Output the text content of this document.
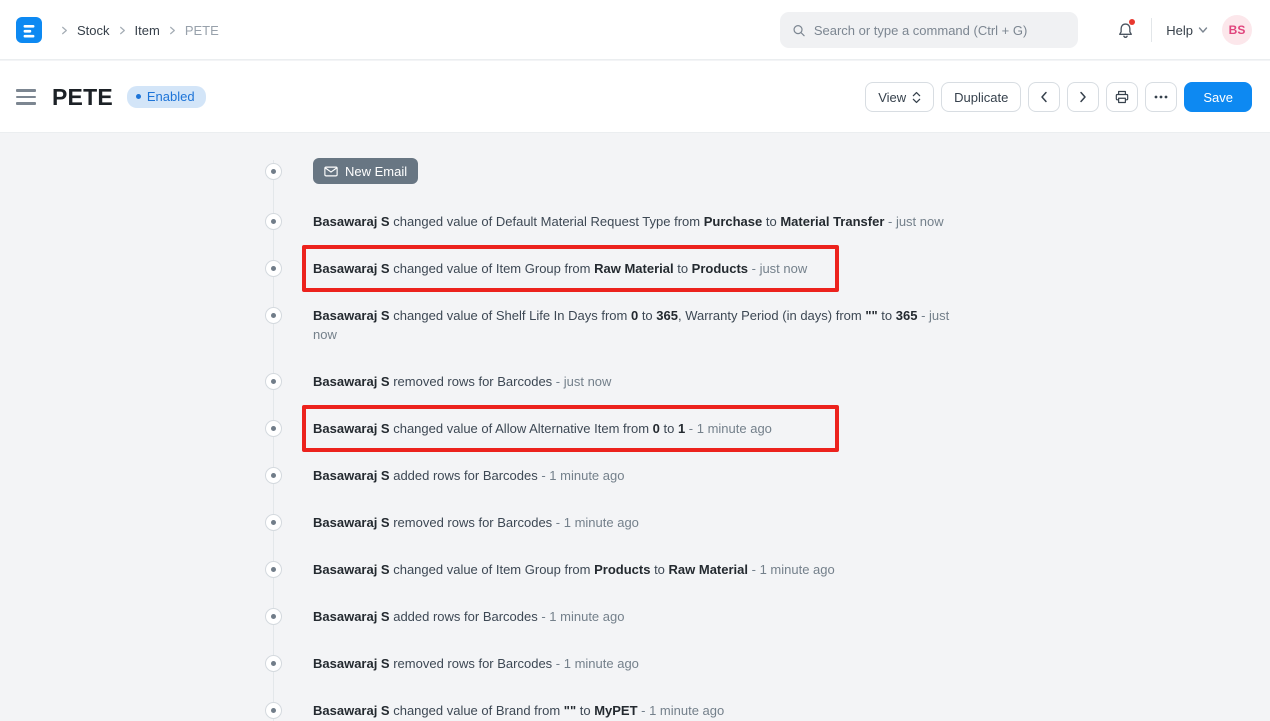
Stock Item PETE
Search or type a command (Ctrl + G)	Help	BS
PETE	Enabled	View	Duplicate	Save
New Email
Basawaraj S changed value of Default Material Request Type from Purchase to Material Transfer - just now
Basawaraj S changed value of Item Group from Raw Material to Products - just now
Basawaraj S changed value of Shelf Life In Days from 0 to 365, Warranty Period (in days) from "" to 365 - just now
Basawaraj S removed rows for Barcodes - just now
Basawaraj S changed value of Allow Alternative Item from 0 to 1 - 1 minute ago
Basawaraj S added rows for Barcodes - 1 minute ago
Basawaraj S removed rows for Barcodes - 1 minute ago
Basawaraj S changed value of Item Group from Products to Raw Material - 1 minute ago
Basawaraj S added rows for Barcodes - 1 minute ago
Basawaraj S removed rows for Barcodes - 1 minute ago
Basawaraj S changed value of Brand from "" to MyPET - 1 minute ago
